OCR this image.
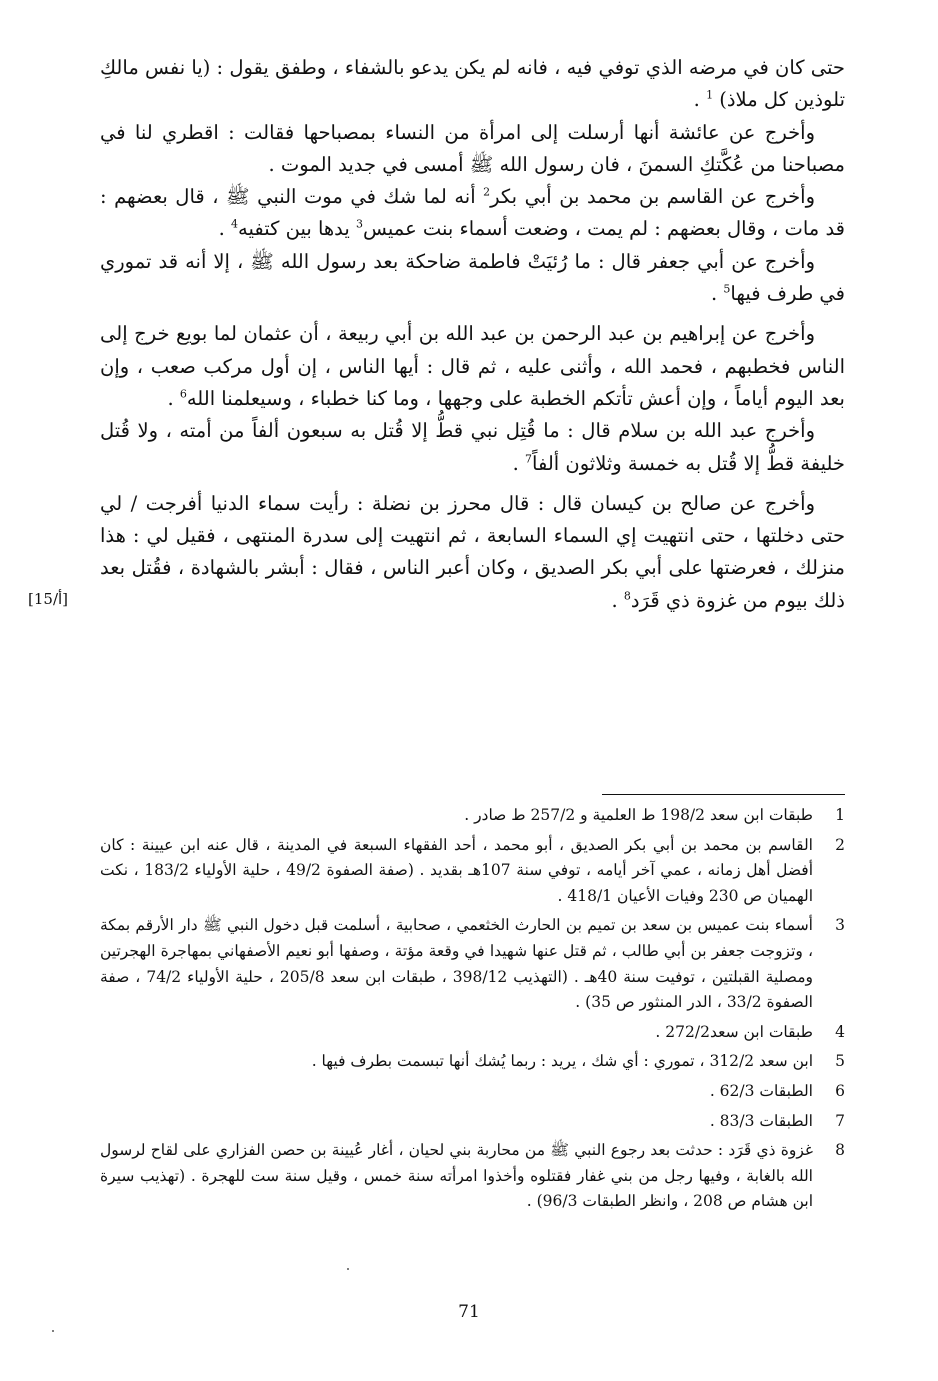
حتى كان في مرضه الذي توفي فيه ، فانه لم يكن يدعو بالشفاء ، وطفق يقول : (يا نفس مالكِ تلوذين كل ملاذ) $^1$ .

وأخرج عن عائشة أنها أرسلت إلى امرأة من النساء بمصباحها فقالت : اقطري لنا في مصباحنا من عُكَّتكِ السمنَ ، فان رسول الله ﷺ أمسى في جديد الموت .

وأخرج عن القاسم بن محمد بن أبي بكر$^2$ أنه لما شك في موت النبي ﷺ ، قال بعضهم : قد مات ، وقال بعضهم : لم يمت ، وضعت أسماء بنت عميس$^3$ يدها بين كتفيه$^4$ .

وأخرج عن أبي جعفر قال : ما رُئيَتْ فاطمة ضاحكة بعد رسول الله ﷺ ، إلا أنه قد تموري في طرف فيها$^5$ .

وأخرج عن إبراهيم بن عبد الرحمن بن عبد الله بن أبي ربيعة ، أن عثمان لما بويع خرج إلى الناس فخطبهم ، فحمد الله ، وأثنى عليه ، ثم قال : أيها الناس ، إن أول مركب صعب ، وإن بعد اليوم أياماً ، وإن أعش تأتكم الخطبة على وجهها ، وما كنا خطباء ، وسيعلمنا الله$^6$ .

وأخرج عبد الله بن سلام قال : ما قُتِل نبي قطُّ إلا قُتل به سبعون ألفاً من أمته ، ولا قُتل خليفة قطُّ إلا قُتل به خمسة وثلاثون ألفاً$^7$ .

وأخرج عن صالح بن كيسان قال : قال محرز بن نضلة : رأيت سماء الدنيا أفرجت / لي حتى دخلتها ، حتى انتهيت إي السماء السابعة ، ثم انتهيت إلى سدرة المنتهى ، فقيل لي : هذا منزلك ، فعرضتها على أبي بكر الصديق ، وكان أعبر الناس ، فقال : أبشر بالشهادة ، فقُتل بعد ذلك بيوم من غزوة ذي قَرَد$^8$ .

[15/أ]
1
طبقات ابن سعد 198/2 ط العلمية و 257/2 ط صادر .
2
القاسم بن محمد بن أبي بكر الصديق ، أبو محمد ، أحد الفقهاء السبعة في المدينة ، قال عنه ابن عيينة : كان أفضل أهل زمانه ، عمي آخر أيامه ، توفي سنة 107هـ بقديد . (صفة الصفوة 49/2 ، حلية الأولياء 183/2 ، نكت الهميان ص 230 وفيات الأعيان 418/1 .
3
أسماء بنت عميس بن سعد بن تميم بن الحارث الخثعمي ، صحابية ، أسلمت قبل دخول النبي ﷺ دار الأرقم بمكة ، وتزوجت جعفر بن أبي طالب ، ثم قتل عنها شهيدا في وقعة مؤتة ، وصفها أبو نعيم الأصفهاني بمهاجرة الهجرتين ومصلية القبلتين ، توفيت سنة 40هـ . (التهذيب 398/12 ، طبقات ابن سعد 205/8 ، حلية الأولياء 74/2 ، صفة الصفوة 33/2 ، الدر المنثور ص 35) .
4
طبقات ابن سعد272/2 .
5
ابن سعد 312/2 ، تموري : أي شك ، يريد : ربما يُشك أنها تبسمت بطرف فيها .
6
الطبقات 62/3 .
7
الطبقات 83/3 .
8
غزوة ذي قَرَد : حدثت بعد رجوع النبي ﷺ من محاربة بني لحيان ، أغار عُيينة بن حصن الفزاري على لقاح لرسول الله بالغابة ، وفيها رجل من بني غفار فقتلوه وأخذوا امرأته سنة خمس ، وقيل سنة ست للهجرة . (تهذيب سيرة ابن هشام ص 208 ، وانظر الطبقات 96/3) .
71
